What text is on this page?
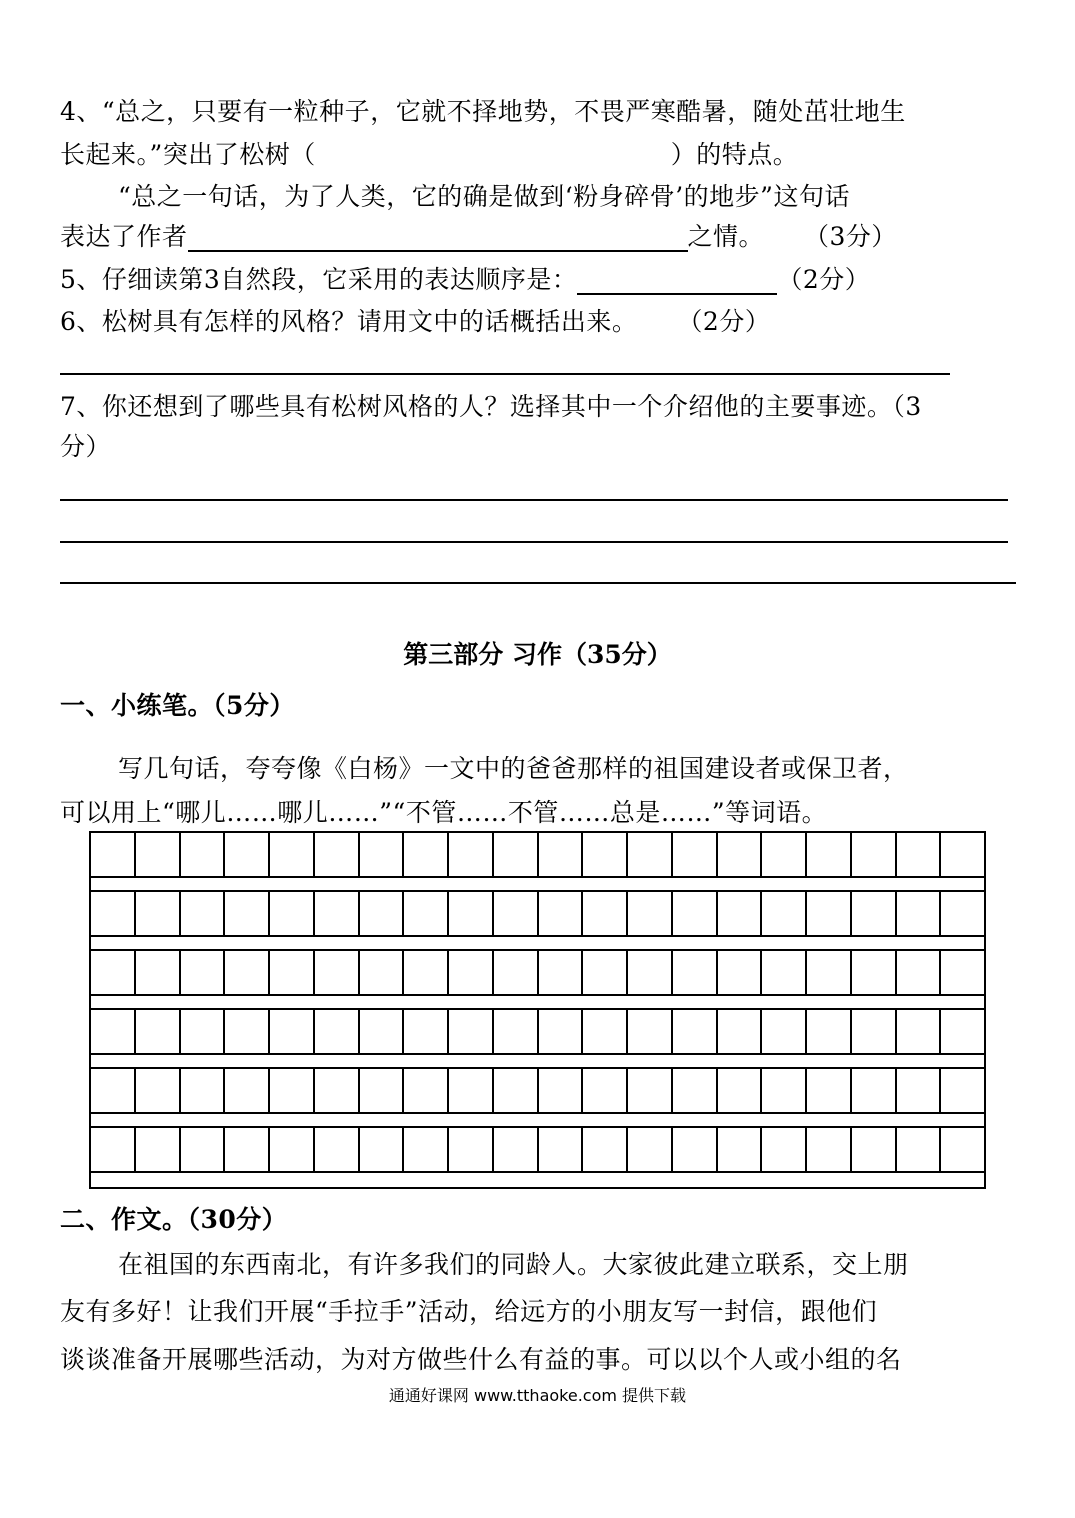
4、“总之，只要有一粒种子，它就不择地势，不畏严寒酷暑，随处茁壮地生
长起来。”突出了松树（	）的特点。
“总之一句话，为了人类，它的确是做到‘粉身碎骨’的地步”这句话
表达了作者	之情。 （3分）
5、仔细读第3自然段，它采用的表达顺序是：	（2分）
6、松树具有怎样的风格？请用文中的话概括出来。 （2分）
7、你还想到了哪些具有松树风格的人？选择其中一个介绍他的主要事迹。（3
分）
第三部分 习作（35分）
一、小练笔。（5分）
写几句话，夸夸像《白杨》一文中的爸爸那样的祖国建设者或保卫者，
可以用上“哪儿……哪儿……”“不管……不管……总是……”等词语。
二、作文。（30分）
在祖国的东西南北，有许多我们的同龄人。大家彼此建立联系，交上朋
友有多好！让我们开展“手拉手”活动，给远方的小朋友写一封信，跟他们
谈谈准备开展哪些活动，为对方做些什么有益的事。可以以个人或小组的名
通通好课网 www.tthaoke.com 提供下载
